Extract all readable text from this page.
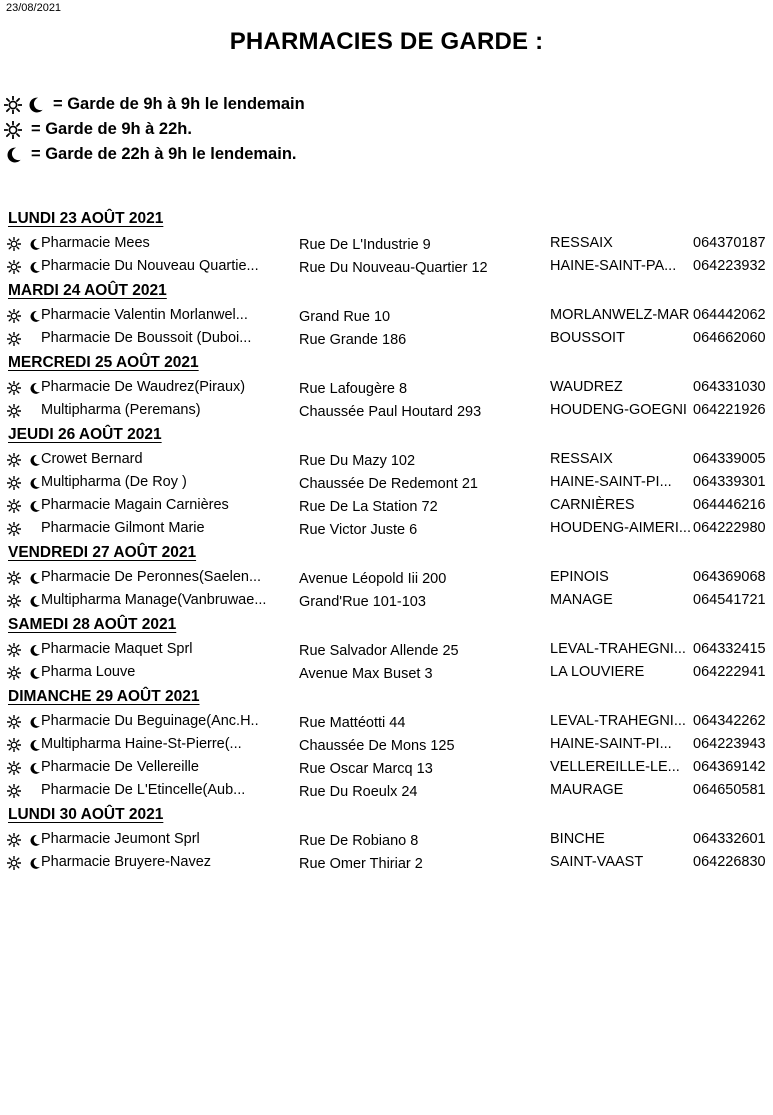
23/08/2021
PHARMACIES DE GARDE :
= Garde de 9h à 9h le lendemain
= Garde de 9h à 22h.
= Garde de 22h à 9h le lendemain.
LUNDI 23 AOÛT 2021
Pharmacie Mees	Rue De L'Industrie 9	RESSAIX	064370187
Pharmacie Du Nouveau Quartie...	Rue Du Nouveau-Quartier 12	HAINE-SAINT-PA...	064223932
MARDI 24 AOÛT 2021
Pharmacie Valentin Morlanwel...	Grand Rue 10	MORLANWELZ-MAR 064442062
Pharmacie De Boussoit (Duboi...	Rue Grande 186	BOUSSOIT	064662060
MERCREDI 25 AOÛT 2021
Pharmacie De Waudrez(Piraux)	Rue Lafougère 8	WAUDREZ	064331030
Multipharma (Peremans)	Chaussée Paul Houtard 293	HOUDENG-GOEGNI 064221926
JEUDI 26 AOÛT 2021
Crowet Bernard	Rue Du Mazy 102	RESSAIX	064339005
Multipharma (De Roy )	Chaussée De Redemont 21	HAINE-SAINT-PI...	064339301
Pharmacie Magain Carnières	Rue De La Station 72	CARNIÈRES	064446216
Pharmacie Gilmont Marie	Rue Victor Juste 6	HOUDENG-AIMERI... 064222980
VENDREDI 27 AOÛT 2021
Pharmacie De Peronnes(Saelen...	Avenue Léopold Iii 200	EPINOIS	064369068
Multipharma Manage(Vanbruwae...	Grand'Rue 101-103	MANAGE	064541721
SAMEDI 28 AOÛT 2021
Pharmacie Maquet Sprl	Rue Salvador Allende 25	LEVAL-TRAHEGNI... 064332415
Pharma Louve	Avenue Max Buset 3	LA LOUVIERE	064222941
DIMANCHE 29 AOÛT 2021
Pharmacie Du Beguinage(Anc.H..	Rue Mattéotti 44	LEVAL-TRAHEGNI... 064342262
Multipharma Haine-St-Pierre(...	Chaussée De Mons 125	HAINE-SAINT-PI...	064223943
Pharmacie De Vellereille	Rue Oscar Marcq 13	VELLEREILLE-LE... 064369142
Pharmacie De L'Etincelle(Aub...	Rue Du Roeulx 24	MAURAGE	064650581
LUNDI 30 AOÛT 2021
Pharmacie Jeumont Sprl	Rue De Robiano 8	BINCHE	064332601
Pharmacie Bruyere-Navez	Rue Omer Thiriar 2	SAINT-VAAST	064226830
